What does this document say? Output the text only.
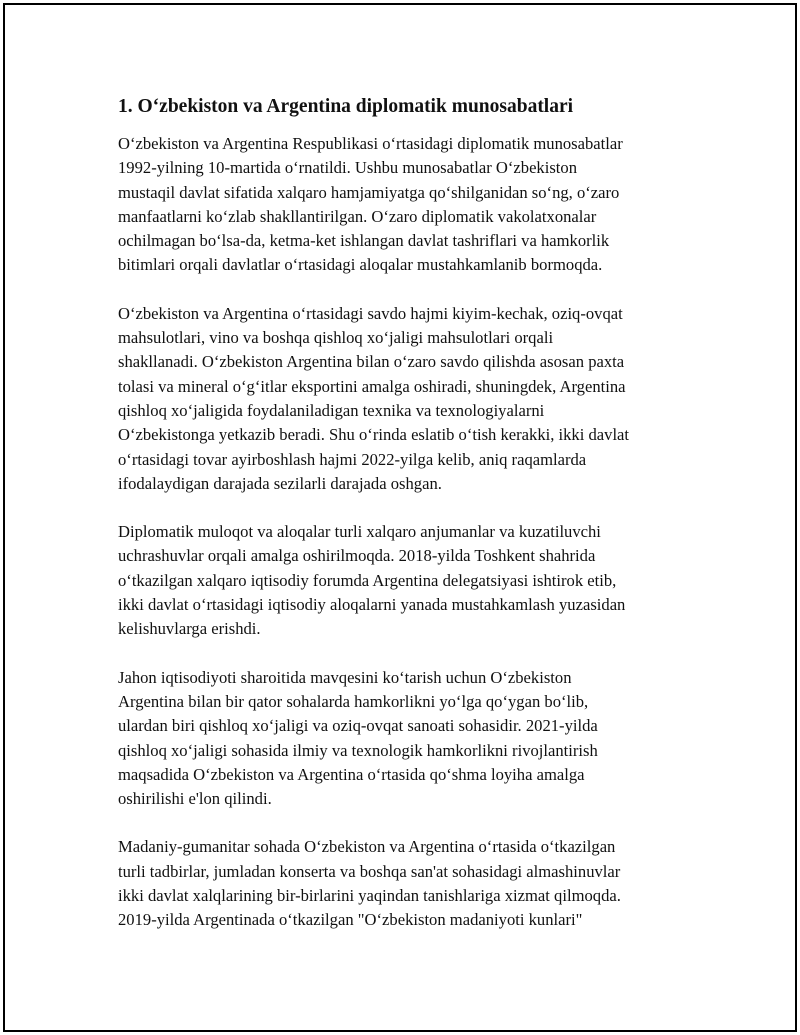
1. O‘zbekiston va Argentina diplomatik munosabatlari

O‘zbekiston va Argentina Respublikasi o‘rtasidagi diplomatik munosabatlar
1992-yilning 10-martida o‘rnatildi. Ushbu munosabatlar O‘zbekiston
mustaqil davlat sifatida xalqaro hamjamiyatga qo‘shilganidan so‘ng, o‘zaro
manfaatlarni ko‘zlab shakllantirilgan. O‘zaro diplomatik vakolatxonalar
ochilmagan bo‘lsa-da, ketma-ket ishlangan davlat tashriflari va hamkorlik
bitimlari orqali davlatlar o‘rtasidagi aloqalar mustahkamlanib bormoqda.

O‘zbekiston va Argentina o‘rtasidagi savdo hajmi kiyim-kechak, oziq-ovqat
mahsulotlari, vino va boshqa qishloq xo‘jaligi mahsulotlari orqali
shakllanadi. O‘zbekiston Argentina bilan o‘zaro savdo qilishda asosan paxta
tolasi va mineral o‘g‘itlar eksportini amalga oshiradi, shuningdek, Argentina
qishloq xo‘jaligida foydalaniladigan texnika va texnologiyalarni
O‘zbekistonga yetkazib beradi. Shu o‘rinda eslatib o‘tish kerakki, ikki davlat
o‘rtasidagi tovar ayirboshlash hajmi 2022-yilga kelib, aniq raqamlarda
ifodalaydigan darajada sezilarli darajada oshgan.

Diplomatik muloqot va aloqalar turli xalqaro anjumanlar va kuzatiluvchi
uchrashuvlar orqali amalga oshirilmoqda. 2018-yilda Toshkent shahrida
o‘tkazilgan xalqaro iqtisodiy forumda Argentina delegatsiyasi ishtirok etib,
ikki davlat o‘rtasidagi iqtisodiy aloqalarni yanada mustahkamlash yuzasidan
kelishuvlarga erishdi.

Jahon iqtisodiyoti sharoitida mavqesini ko‘tarish uchun O‘zbekiston
Argentina bilan bir qator sohalarda hamkorlikni yo‘lga qo‘ygan bo‘lib,
ulardan biri qishloq xo‘jaligi va oziq-ovqat sanoati sohasidir. 2021-yilda
qishloq xo‘jaligi sohasida ilmiy va texnologik hamkorlikni rivojlantirish
maqsadida O‘zbekiston va Argentina o‘rtasida qo‘shma loyiha amalga
oshirilishi e'lon qilindi.

Madaniy-gumanitar sohada O‘zbekiston va Argentina o‘rtasida o‘tkazilgan
turli tadbirlar, jumladan konserta va boshqa san'at sohasidagi almashinuvlar
ikki davlat xalqlarining bir-birlarini yaqindan tanishlariga xizmat qilmoqda.
2019-yilda Argentinada o‘tkazilgan "O‘zbekiston madaniyoti kunlari"
